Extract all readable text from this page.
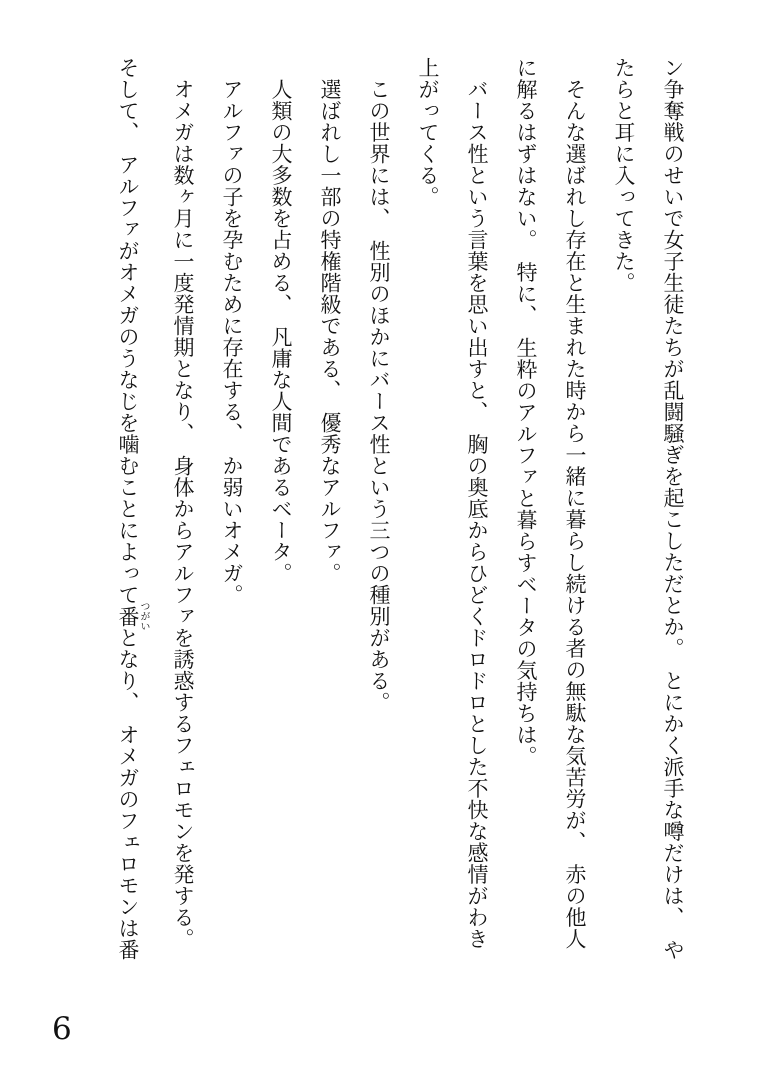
ン争奪戦のせいで女子生徒たちが乱闘騒ぎを起こしただとか。　とにかく派手な噂だけは、　や

たらと耳に入ってきた。

　そんな選ばれし存在と生まれた時から一緒に暮らし続ける者の無駄な気苦労が、　赤の他人

に解るはずはない。　特に、　生粋のアルファと暮らすベータの気持ちは。

　バース性という言葉を思い出すと、　胸の奥底からひどくドロドロとした不快な感情がわき

上がってくる。

　この世界には、　性別のほかにバース性という三つの種別がある。

　選ばれし一部の特権階級である、　優秀なアルファ。

　人類の大多数を占める、　凡庸な人間であるベータ。

　アルファの子を孕むために存在する、　か弱いオメガ。

　オメガは数ヶ月に一度発情期となり、　身体からアルファを誘惑するフェロモンを発する。

そして、　アルファがオメガのうなじを噛むことによって番 つがいとなり、　オメガのフェロモンは番

6
